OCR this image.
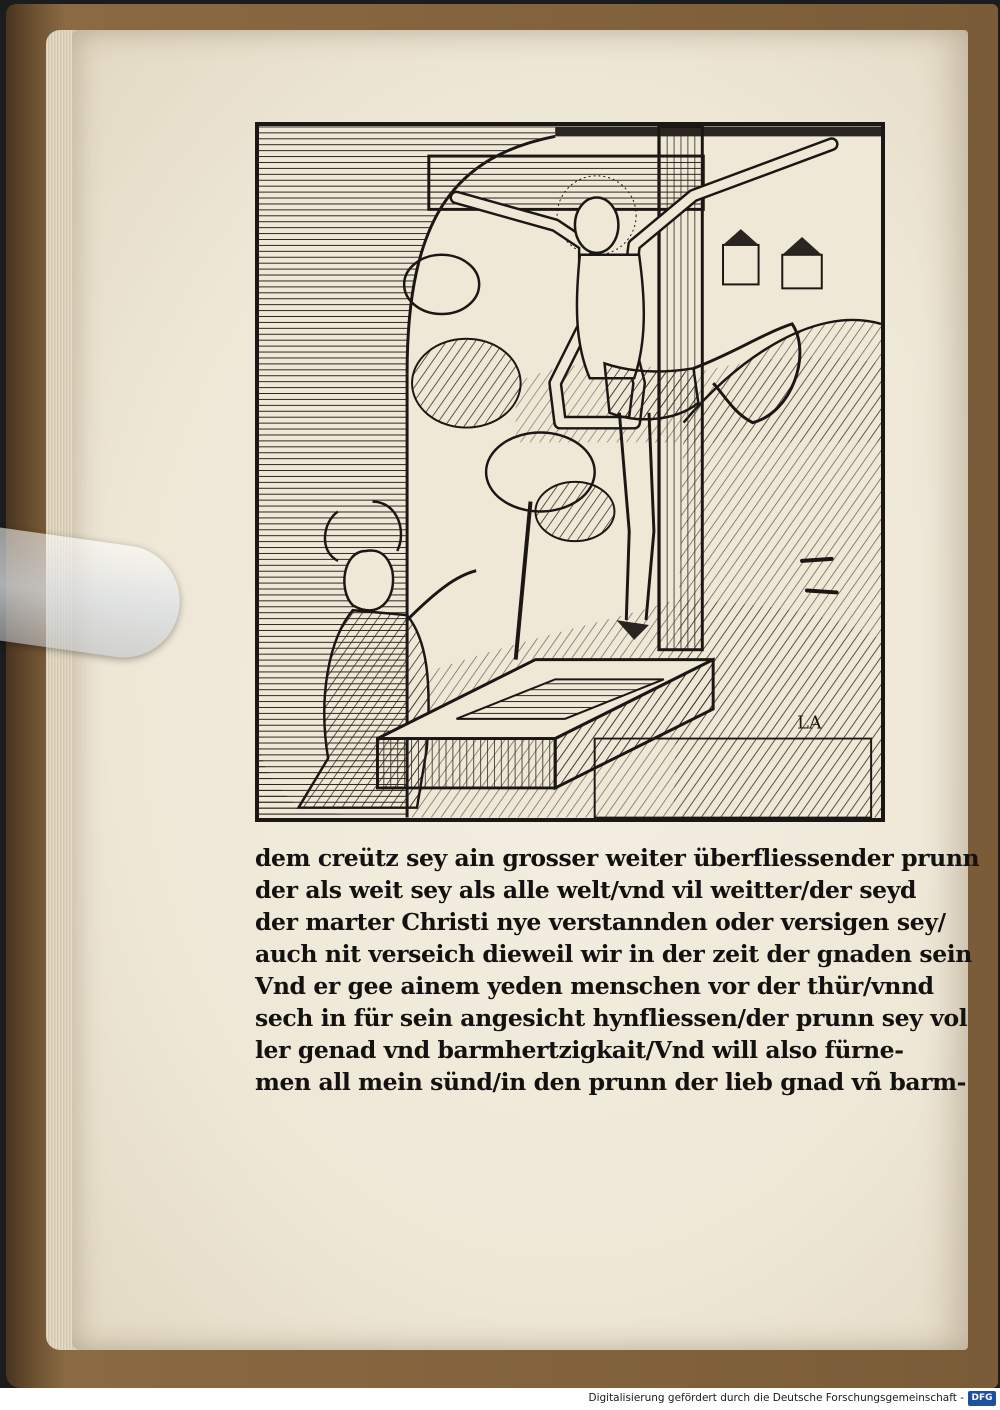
LA
dem creütz sey ain grosser weiter überfliessender prunn
der als weit sey als alle welt/vnd vil weitter/der seyd
der marter Christi nye verstannden oder versigen sey/
auch nit verseich dieweil wir in der zeit der gnaden sein
Vnd er gee ainem yeden menschen vor der thür/vnnd
sech in für sein angesicht hynfliessen/der prunn sey vol
ler genad vnd barmhertzigkait/Vnd will also fürne-
men all mein sünd/in den prunn der lieb gnad vñ barm-
Digitalisierung gefördert durch die Deutsche Forschungsgemeinschaft - DFG
